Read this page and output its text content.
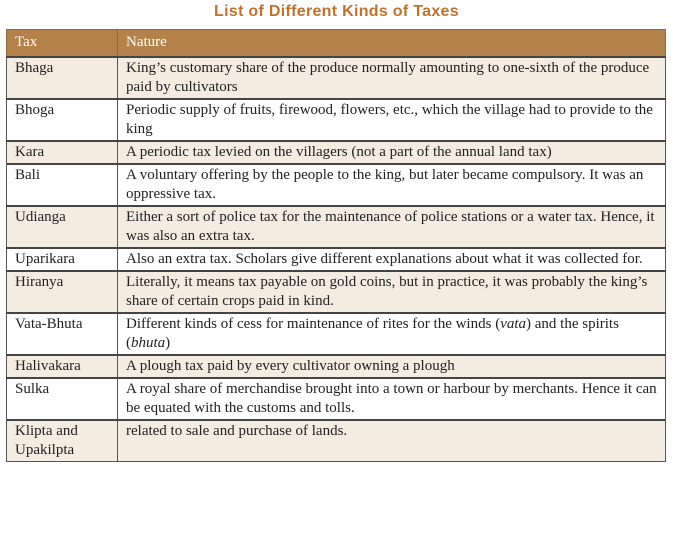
List of Different Kinds of Taxes
Tax	Nature
Bhaga	King’s customary share of the produce normally amounting to one-sixth of the produce paid by cultivators
Bhoga	Periodic supply of fruits, firewood, flowers, etc., which the village had to provide to the king
Kara	A periodic tax levied on the villagers (not a part of the annual land tax)
Bali	A voluntary offering by the people to the king, but later became compulsory. It was an oppressive tax.
Udianga	Either a sort of police tax for the maintenance of police stations or a water tax. Hence, it was also an extra tax.
Uparikara	Also an extra tax. Scholars give different explanations about what it was collected for.
Hiranya	Literally, it means tax payable on gold coins, but in practice, it was probably the king’s share of certain crops paid in kind.
Vata-Bhuta	Different kinds of cess for maintenance of rites for the winds (vata) and the spirits (bhuta)
Halivakara	A plough tax paid by every cultivator owning a plough
Sulka	A royal share of merchandise brought into a town or harbour by merchants. Hence it can be equated with the customs and tolls.
Klipta and Upakilpta	related to sale and purchase of lands.
